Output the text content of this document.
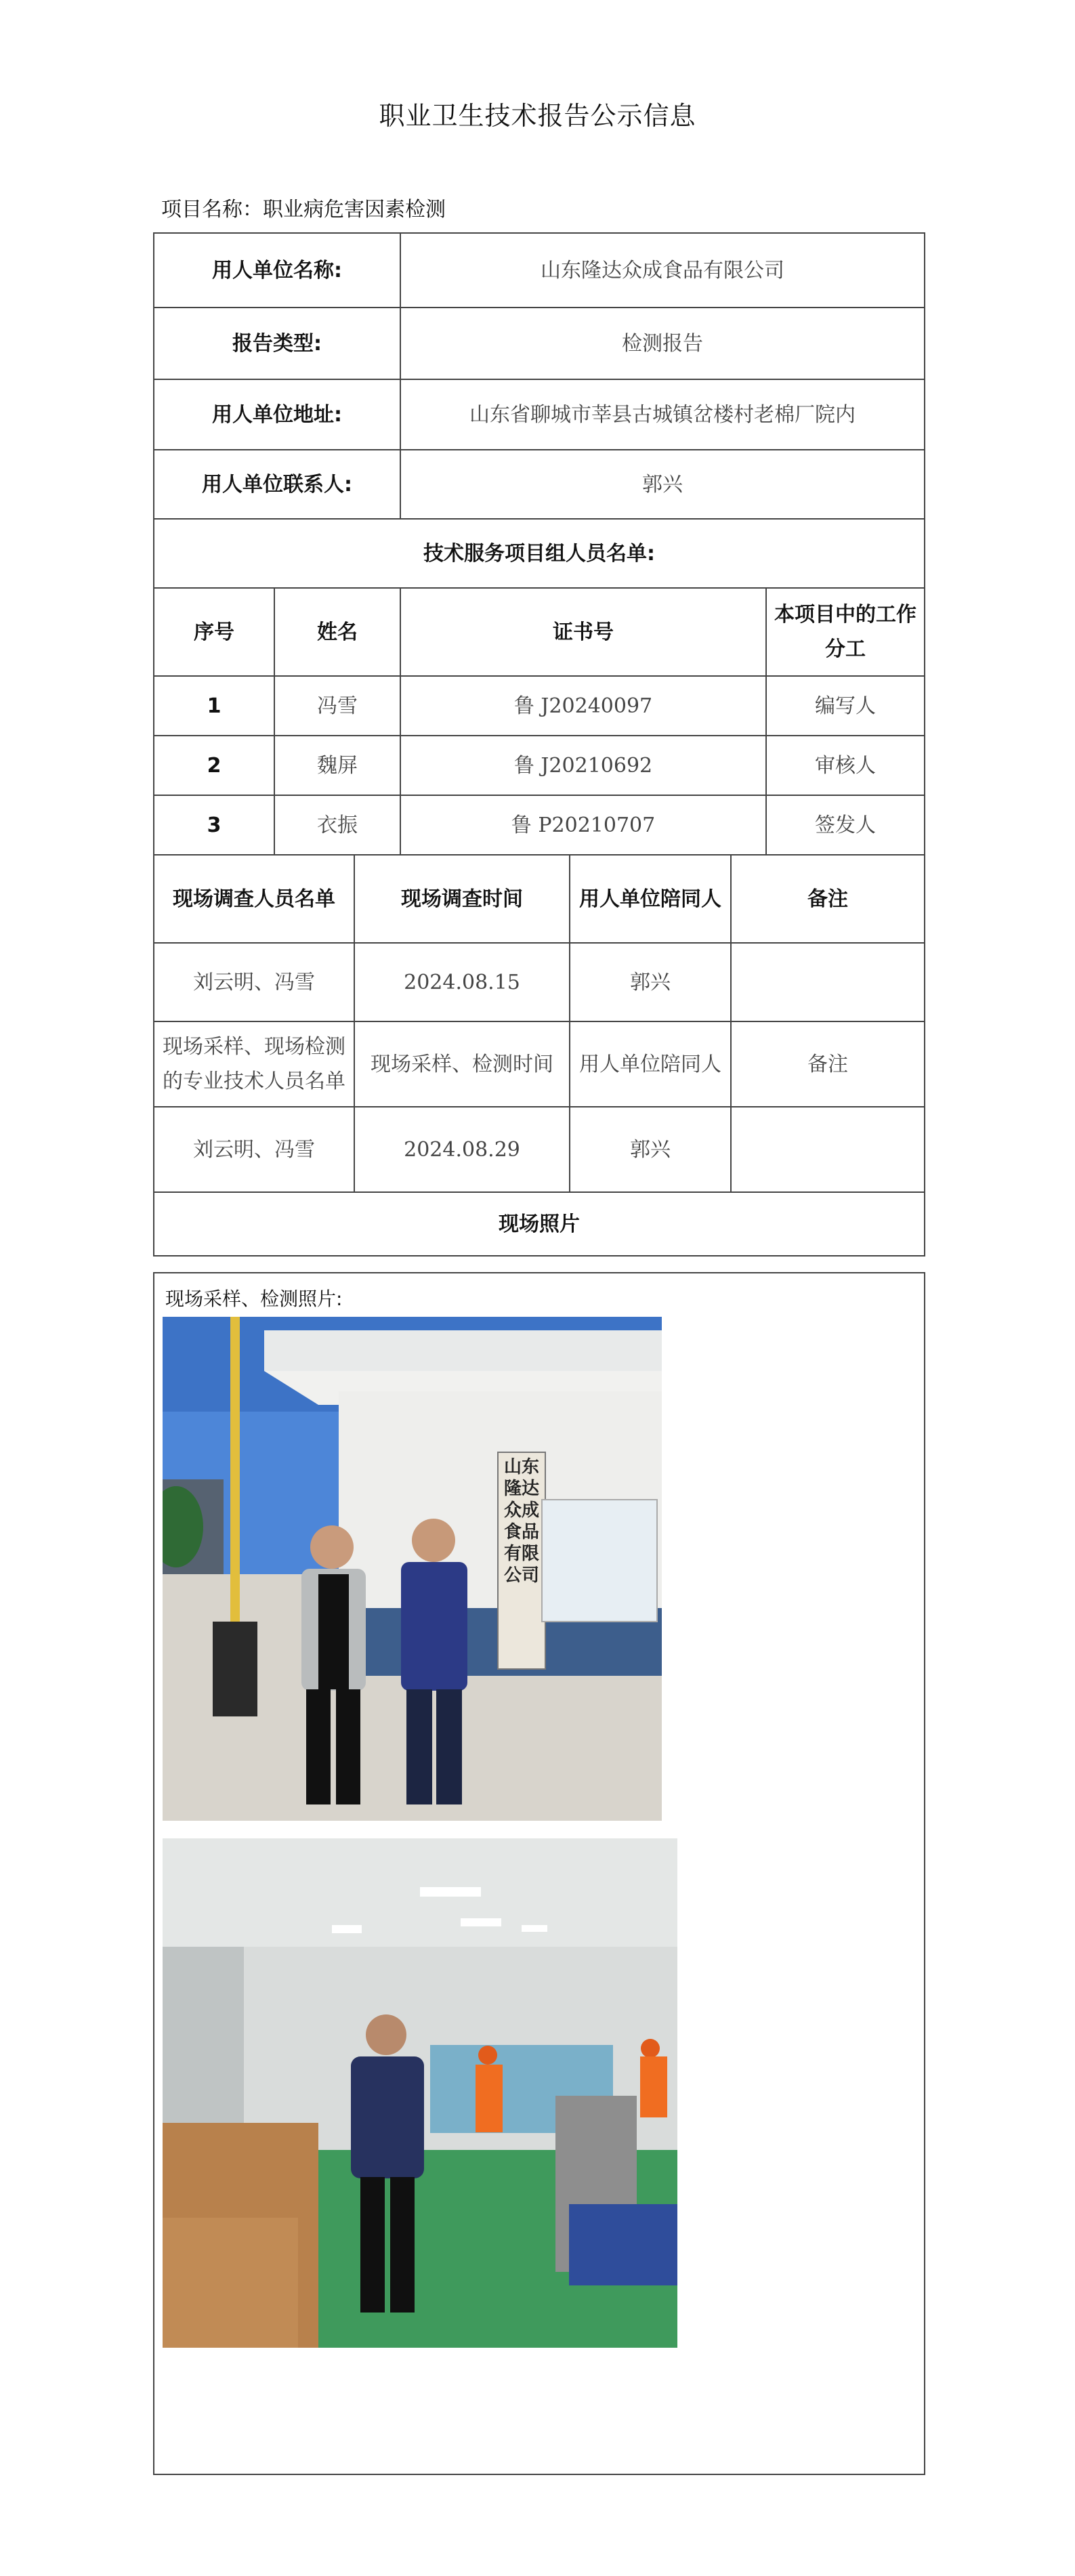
职业卫生技术报告公示信息
项目名称：职业病危害因素检测
用人单位名称:			山东隆达众成食品有限公司			
报告类型:			检测报告			
用人单位地址:			山东省聊城市莘县古城镇岔楼村老棉厂院内			
用人单位联系人:			郭兴			
技术服务项目组人员名单:						
序号	姓名		证书号			本项目中的工作分工
1	冯雪		鲁 J20240097			编写人
2	魏屏		鲁 J20210692			审核人
3	衣振		鲁 P20210707			签发人
现场调查人员名单		现场调查时间		用人单位陪同人	备注	
刘云明、冯雪		2024.08.15		郭兴		
现场采样、现场检测的专业技术人员名单		现场采样、检测时间		用人单位陪同人	备注	
刘云明、冯雪		2024.08.29		郭兴		
现场照片						
现场采样、检测照片:
山东隆达众成食品有限公司
